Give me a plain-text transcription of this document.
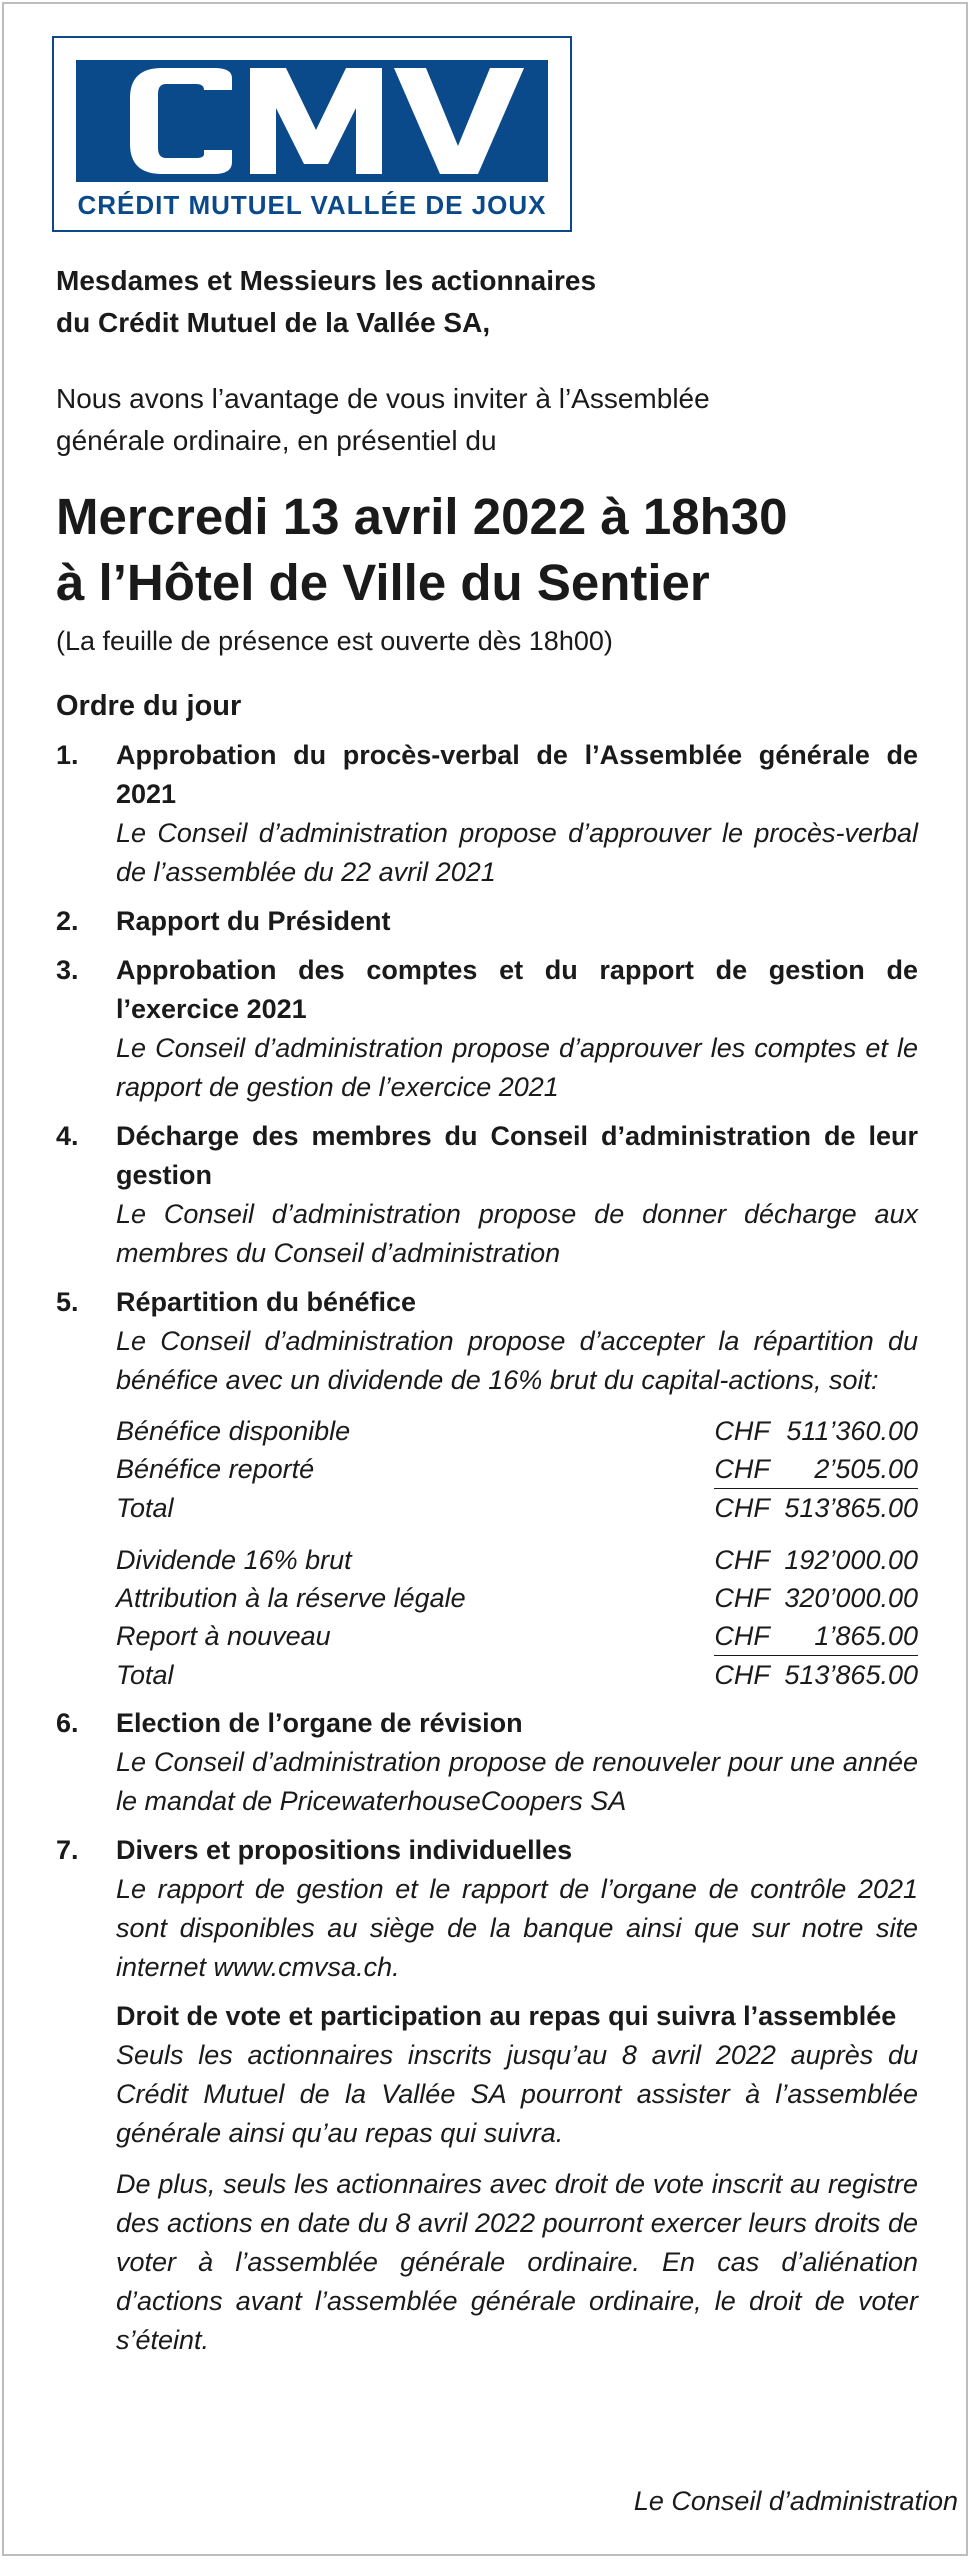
CRÉDIT MUTUEL VALLÉE DE JOUX

Mesdames et Messieurs les actionnaires
du Crédit Mutuel de la Vallée SA,

Nous avons l’avantage de vous inviter à l’Assemblée
générale ordinaire, en présentiel du

Mercredi 13 avril 2022 à 18h30
à l’Hôtel de Ville du Sentier

(La feuille de présence est ouverte dès 18h00)

Ordre du jour
1. Approbation du procès-verbal de l’Assemblée générale de 2021
Le Conseil d’administration propose d’approuver le procès-verbal de l’assemblée du 22 avril 2021
2. Rapport du Président
3. Approbation des comptes et du rapport de gestion de l’exercice 2021
Le Conseil d’administration propose d’approuver les comptes et le rapport de gestion de l’exercice 2021
4. Décharge des membres du Conseil d’administration de leur gestion
Le Conseil d’administration propose de donner décharge aux membres du Conseil d’administration
5. Répartition du bénéfice
Le Conseil d’administration propose d’accepter la répartition du bénéfice avec un dividende de 16% brut du capital-actions, soit:
Bénéfice disponible	CHF	511’360.00
Bénéfice reporté	CHF	2’505.00
Total	CHF	513’865.00
Dividende 16% brut	CHF	192’000.00
Attribution à la réserve légale	CHF	320’000.00
Report à nouveau	CHF	1’865.00
Total	CHF	513’865.00
6. Election de l’organe de révision
Le Conseil d’administration propose de renouveler pour une année le mandat de PricewaterhouseCoopers SA
7. Divers et propositions individuelles
Le rapport de gestion et le rapport de l’organe de contrôle 2021 sont disponibles au siège de la banque ainsi que sur notre site internet www.cmvsa.ch.
Droit de vote et participation au repas qui suivra l’assemblée
Seuls les actionnaires inscrits jusqu’au 8 avril 2022 auprès du Crédit Mutuel de la Vallée SA pourront assister à l’assemblée générale ainsi qu’au repas qui suivra.
De plus, seuls les actionnaires avec droit de vote inscrit au registre des actions en date du 8 avril 2022 pourront exercer leurs droits de voter à l’assemblée générale ordinaire. En cas d’aliénation d’actions avant l’assemblée générale ordinaire, le droit de voter s’éteint.
Le Conseil d’administration
